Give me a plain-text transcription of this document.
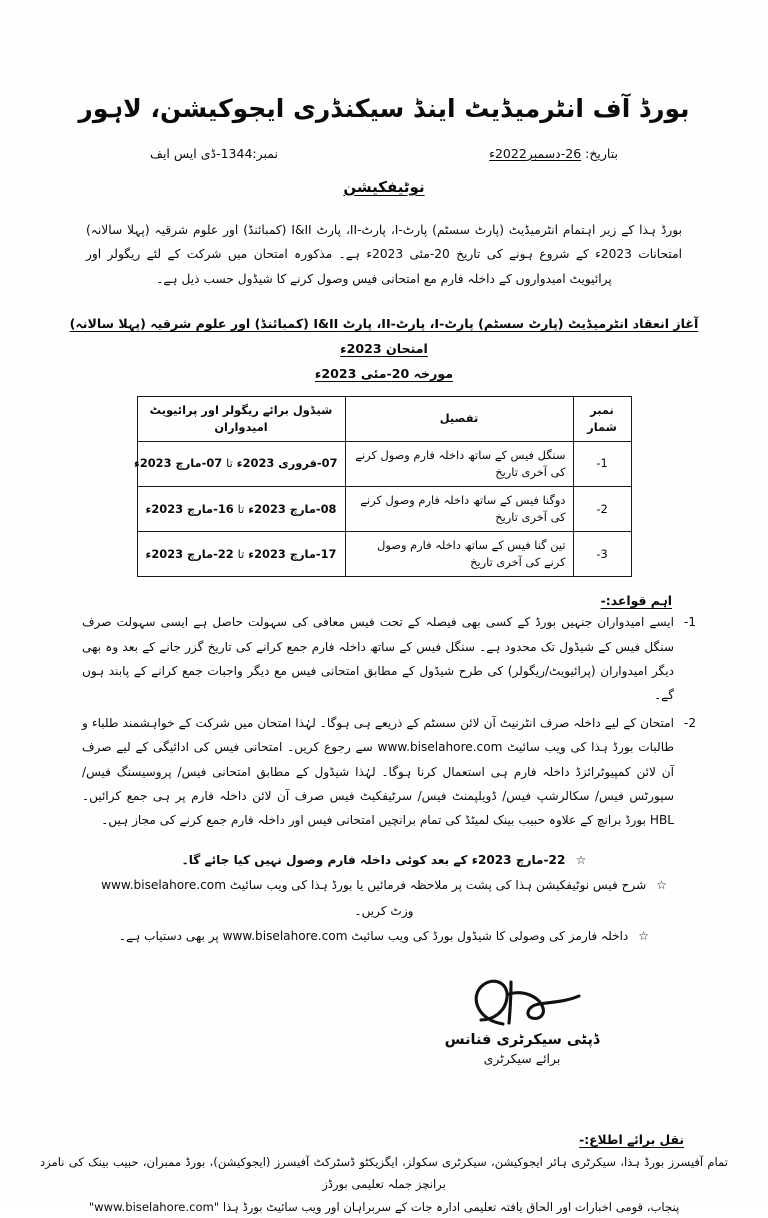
بورڈ آف انٹرمیڈیٹ اینڈ سیکنڈری ایجوکیشن، لاہور
نمبر:1344-ڈی ایس ایف	بتاریخ: 26-دسمبر2022ء
نوٹیفکیشن
بورڈ ہذا کے زیر اہتمام انٹرمیڈیٹ (پارٹ سسٹم) پارٹ-I، پارٹ-II، پارٹ I&II (کمبائنڈ) اور علوم شرقیہ (پہلا سالانہ) امتحانات 2023ء کے شروع ہونے کی تاریخ 20-مئی 2023ء ہے۔ مذکورہ امتحان میں شرکت کے لئے ریگولر اور پرائیویٹ امیدواروں کے داخلہ فارم مع امتحانی فیس وصول کرنے کا شیڈول حسب ذیل ہے۔
آغاز انعقاد انٹرمیڈیٹ (پارٹ سسٹم) پارٹ-I، پارٹ-II، پارٹ I&II (کمبائنڈ) اور علوم شرقیہ (پہلا سالانہ) امتحان 2023ء
مورخہ 20-مئی 2023ء
نمبر شمار	تفصیل	شیڈول برائے ریگولر اور پرائیویٹ امیدواران
1-	سنگل فیس کے ساتھ داخلہ فارم وصول کرنے کی آخری تاریخ	07-فروری 2023ء تا 07-مارچ 2023ء
2-	دوگنا فیس کے ساتھ داخلہ فارم وصول کرنے کی آخری تاریخ	08-مارچ 2023ء تا 16-مارچ 2023ء
3-	تین گنا فیس کے ساتھ داخلہ فارم وصول کرنے کی آخری تاریخ	17-مارچ 2023ء تا 22-مارچ 2023ء
اہم قواعد:-
1-
ایسے امیدواران جنہیں بورڈ کے کسی بھی فیصلہ کے تحت فیس معافی کی سہولت حاصل ہے ایسی سہولت صرف سنگل فیس کے شیڈول تک محدود ہے۔ سنگل فیس کے ساتھ داخلہ فارم جمع کرانے کی تاریخ گزر جانے کے بعد وہ بھی دیگر امیدواران (پرائیویٹ/ریگولر) کی طرح شیڈول کے مطابق امتحانی فیس مع دیگر واجبات جمع کرانے کے پابند ہوں گے۔
2-
امتحان کے لیے داخلہ صرف انٹرنیٹ آن لائن سسٹم کے ذریعے ہی ہوگا۔ لہٰذا امتحان میں شرکت کے خواہشمند طلباء و طالبات بورڈ ہذا کی ویب سائیٹ www.biselahore.com سے رجوع کریں۔ امتحانی فیس کی ادائیگی کے لیے صرف آن لائن کمپیوٹرائزڈ داخلہ فارم ہی استعمال کرنا ہوگا۔ لہٰذا شیڈول کے مطابق امتحانی فیس/ پروسیسنگ فیس/ سپورٹس فیس/ سکالرشپ فیس/ ڈویلپمنٹ فیس/ سرٹیفکیٹ فیس صرف آن لائن داخلہ فارم پر ہی جمع کرائیں۔ HBL بورڈ برانچ کے علاوہ حبیب بینک لمیٹڈ کی تمام برانچیں امتحانی فیس اور داخلہ فارم جمع کرنے کی مجاز ہیں۔
☆ 22-مارچ 2023ء کے بعد کوئی داخلہ فارم وصول نہیں کیا جائے گا۔
☆ شرح فیس نوٹیفکیشن ہذا کی پشت پر ملاحظہ فرمائیں یا بورڈ ہذا کی ویب سائیٹ www.biselahore.com وزٹ کریں۔
☆ داخلہ فارمز کی وصولی کا شیڈول بورڈ کی ویب سائیٹ www.biselahore.com پر بھی دستیاب ہے۔
ڈپٹی سیکرٹری فنانس
برائے سیکرٹری
نقل برائے اطلاع:-
تمام آفیسرز بورڈ ہذا، سیکرٹری ہائر ایجوکیشن، سیکرٹری سکولز، ایگزیکٹو ڈسٹرکٹ آفیسرز (ایجوکیشن)، بورڈ ممبران، حبیب بینک کی نامزد برانچز جملہ تعلیمی بورڈز
پنجاب، قومی اخبارات اور الحاق یافتہ تعلیمی ادارہ جات کے سربراہان اور ویب سائیٹ بورڈ ہذا "www.biselahore.com"
